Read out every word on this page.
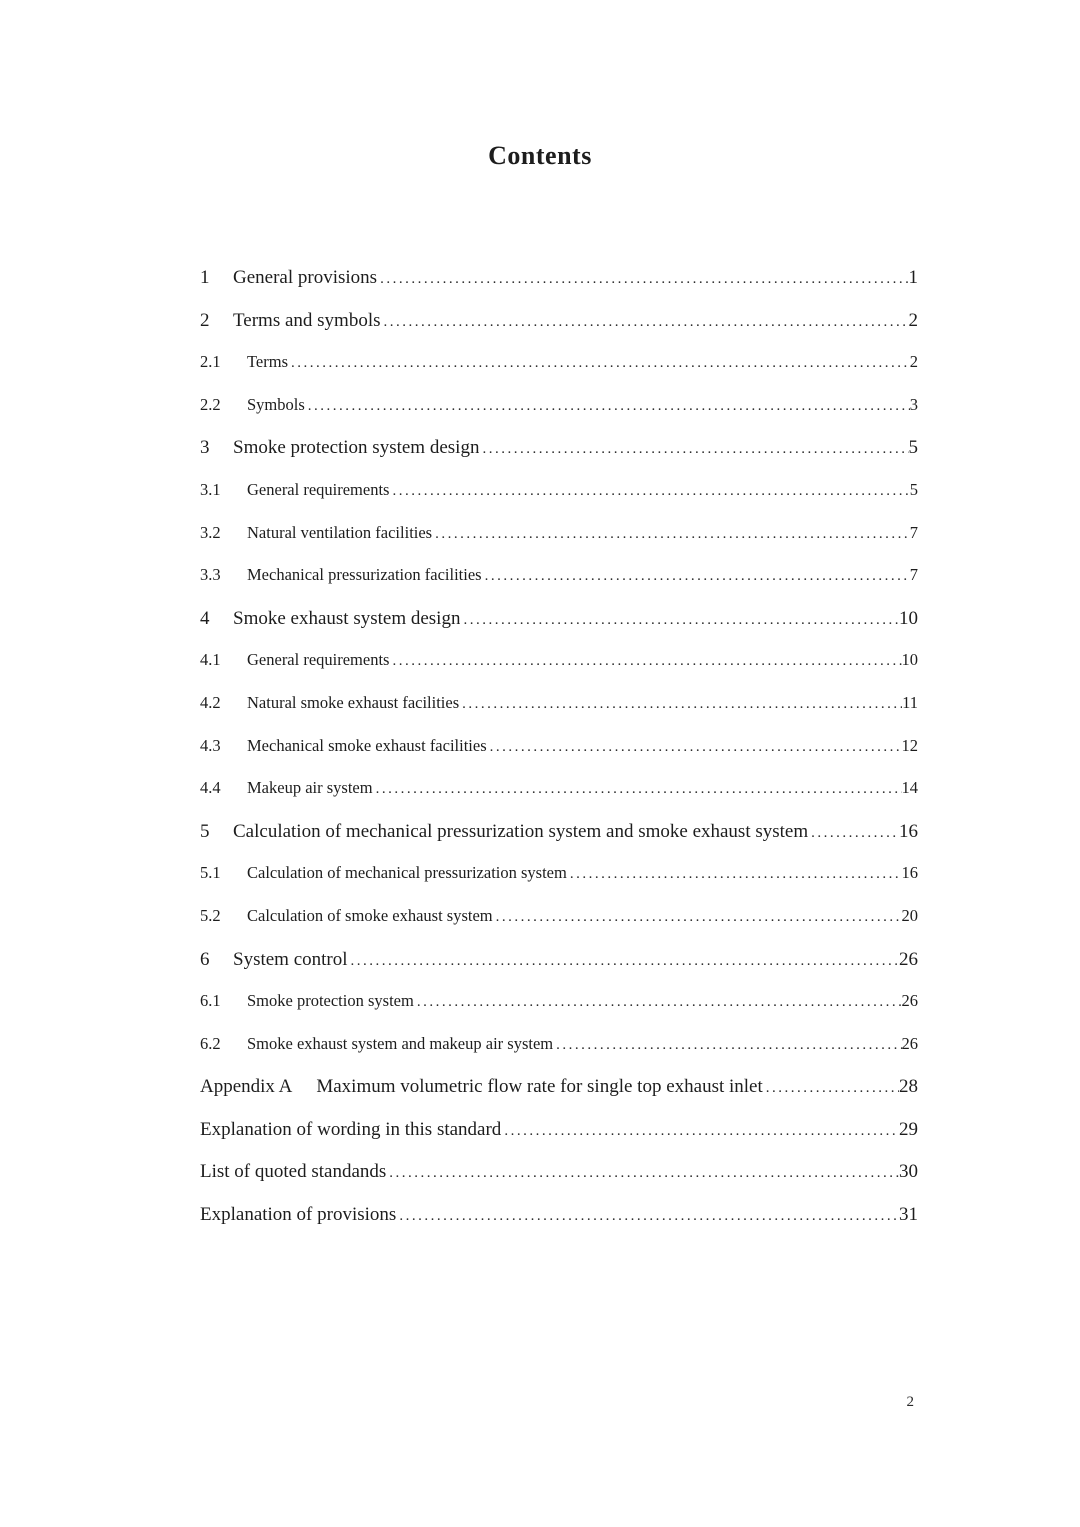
Contents
1	General provisions .....	1
2	Terms and symbols .....	2
2.1	Terms .....	2
2.2	Symbols .....	3
3	Smoke protection system design .....	5
3.1	General requirements .....	5
3.2	Natural ventilation facilities .....	7
3.3	Mechanical pressurization facilities .....	7
4	Smoke exhaust system design .....	10
4.1	General requirements .....	10
4.2	Natural smoke exhaust facilities .....	11
4.3	Mechanical smoke exhaust facilities .....	12
4.4	Makeup air system .....	14
5	Calculation of mechanical pressurization system and smoke exhaust system .....	16
5.1	Calculation of mechanical pressurization system .....	16
5.2	Calculation of smoke exhaust system .....	20
6	System control .....	26
6.1	Smoke protection system .....	26
6.2	Smoke exhaust system and makeup air system .....	26
Appendix A Maximum volumetric flow rate for single top exhaust inlet .....	28
Explanation of wording in this standard .....	29
List of quoted standands .....	30
Explanation of provisions .....	31
2
